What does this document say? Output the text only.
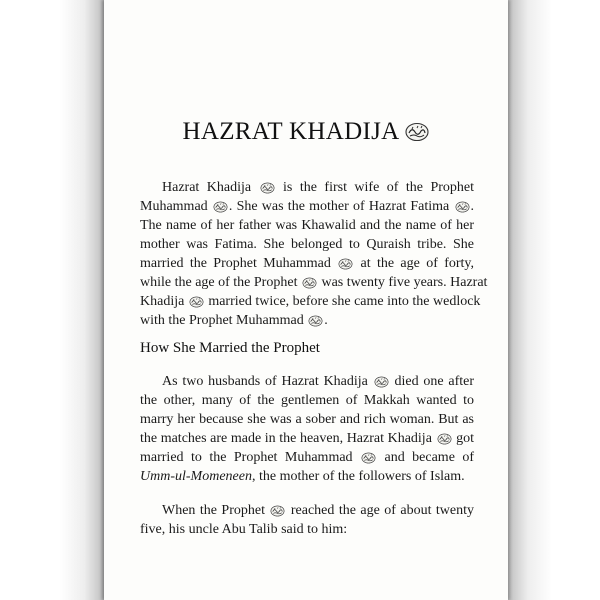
HAZRAT KHADIJA
Hazrat Khadija is the first wife of the Prophet
Muhammad . She was the mother of Hazrat Fatima .
The name of her father was Khawalid and the name of her
mother was Fatima. She belonged to Quraish tribe. She
married the Prophet Muhammad at the age of forty,
while the age of the Prophet was twenty five years. Hazrat
Khadija married twice, before she came into the wedlock
with the Prophet Muhammad .
How She Married the Prophet
As two husbands of Hazrat Khadija died one after
the other, many of the gentlemen of Makkah wanted to
marry her because she was a sober and rich woman. But as
the matches are made in the heaven, Hazrat Khadija got
married to the Prophet Muhammad and became of
Umm-ul-Momeneen, the mother of the followers of Islam.
When the Prophet reached the age of about twenty
five, his uncle Abu Talib said to him:
